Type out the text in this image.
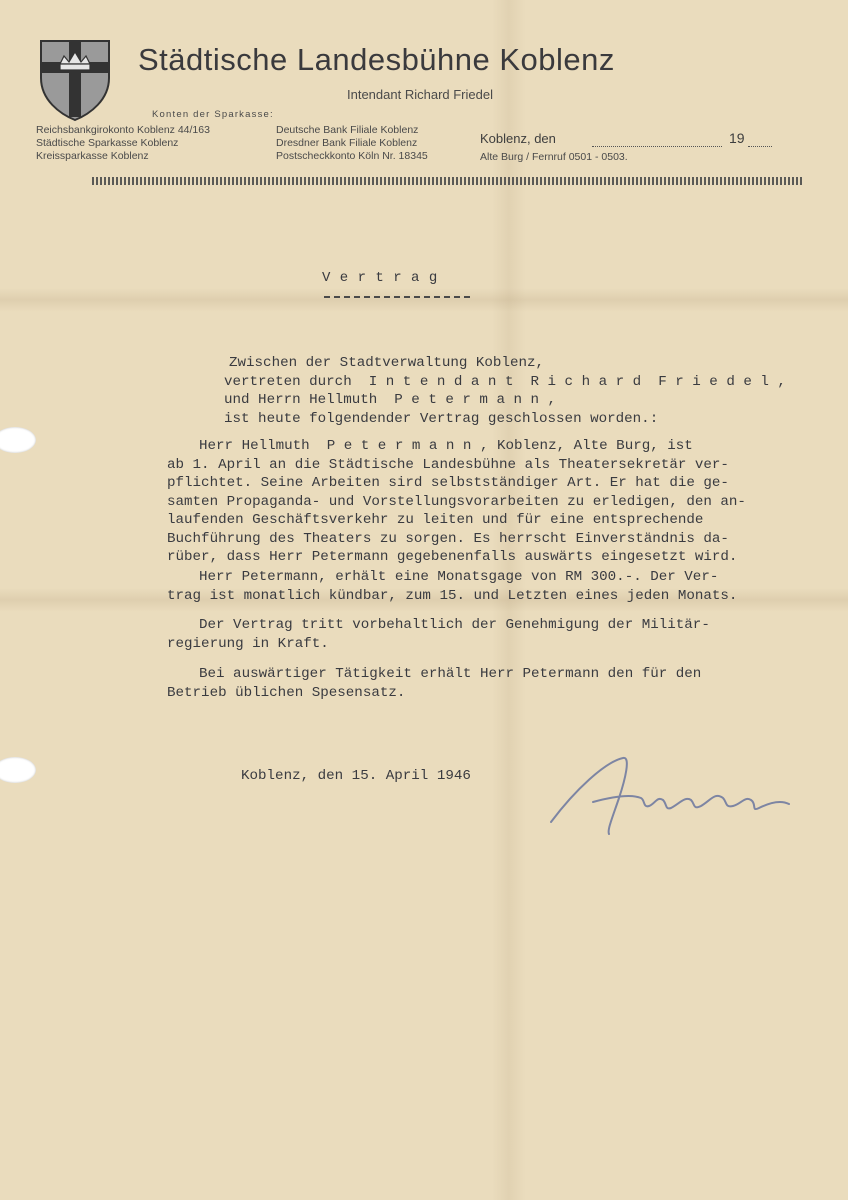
Städtische Landesbühne Koblenz
Intendant Richard Friedel
Konten der Sparkasse:
Reichsbankgirokonto Koblenz 44/163
Städtische Sparkasse Koblenz
Kreissparkasse Koblenz
Deutsche Bank Filiale Koblenz
Dresdner Bank Filiale Koblenz
Postscheckkonto Köln Nr. 18345
Koblenz, den	19
Alte Burg / Fernruf 0501 - 0503.
V e r t r a g
Zwischen der Stadtverwaltung Koblenz,
vertreten durch  I n t e n d a n t  R i c h a r d  F r i e d e l ,
und Herrn Hellmuth  P e t e r m a n n ,
ist heute folgendender Vertrag geschlossen worden.:
Herr Hellmuth  P e t e r m a n n , Koblenz, Alte Burg, ist
ab 1. April an die Städtische Landesbühne als Theatersekretär ver-
pflichtet. Seine Arbeiten sird selbstständiger Art. Er hat die ge-
samten Propaganda- und Vorstellungsvorarbeiten zu erledigen, den an-
laufenden Geschäftsverkehr zu leiten und für eine entsprechende
Buchführung des Theaters zu sorgen. Es herrscht Einverständnis da-
rüber, dass Herr Petermann gegebenenfalls auswärts eingesetzt wird.
Herr Petermann, erhält eine Monatsgage von RM 300.-. Der Ver-
trag ist monatlich kündbar, zum 15. und Letzten eines jeden Monats.
Der Vertrag tritt vorbehaltlich der Genehmigung der Militär-
regierung in Kraft.
Bei auswärtiger Tätigkeit erhält Herr Petermann den für den
Betrieb üblichen Spesensatz.
Koblenz, den 15. April 1946
